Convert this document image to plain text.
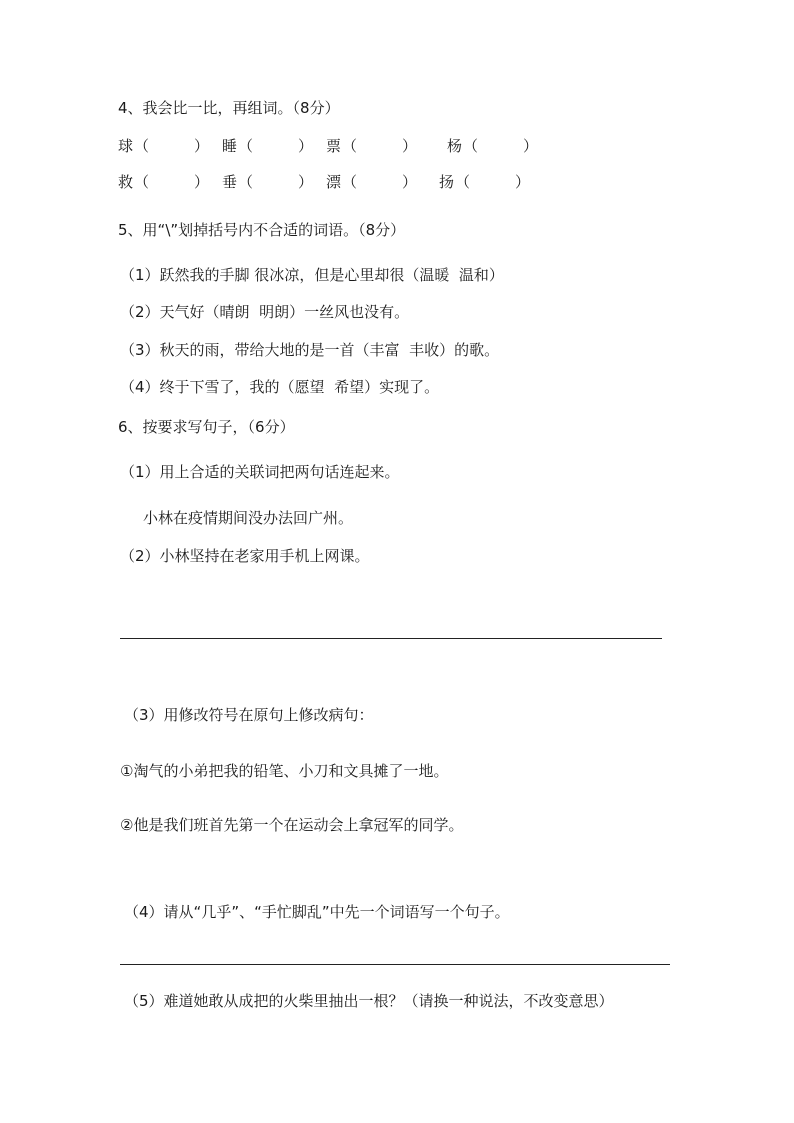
4、我会比一比，再组词。（8分）
球 （　　　） 睡 （　　　） 票 （　　　） 杨 （　　　）
救 （　　　） 垂 （　　　） 漂 （　　　） 扬 （　　　）
5、用“\”划掉括号内不合适的词语。（8分）
（1）跃然我的手脚 很冰凉，但是心里却很（温暖  温和）
（2）天气好（晴朗  明朗）一丝风也没有。
（3）秋天的雨，带给大地的是一首（丰富  丰收）的歌。
（4）终于下雪了，我的（愿望  希望）实现了。
6、按要求写句子，（6分）
（1）用上合适的关联词把两句话连起来。
小林在疫情期间没办法回广州。
（2）小林坚持在老家用手机上网课。
（3）用修改符号在原句上修改病句：
①淘气的小弟把我的铅笔、小刀和文具摊了一地。
②他是我们班首先第一个在运动会上拿冠军的同学。
（4）请从“几乎”、“手忙脚乱”中先一个词语写一个句子。
（5）难道她敢从成把的火柴里抽出一根？（请换一种说法，不改变意思）
